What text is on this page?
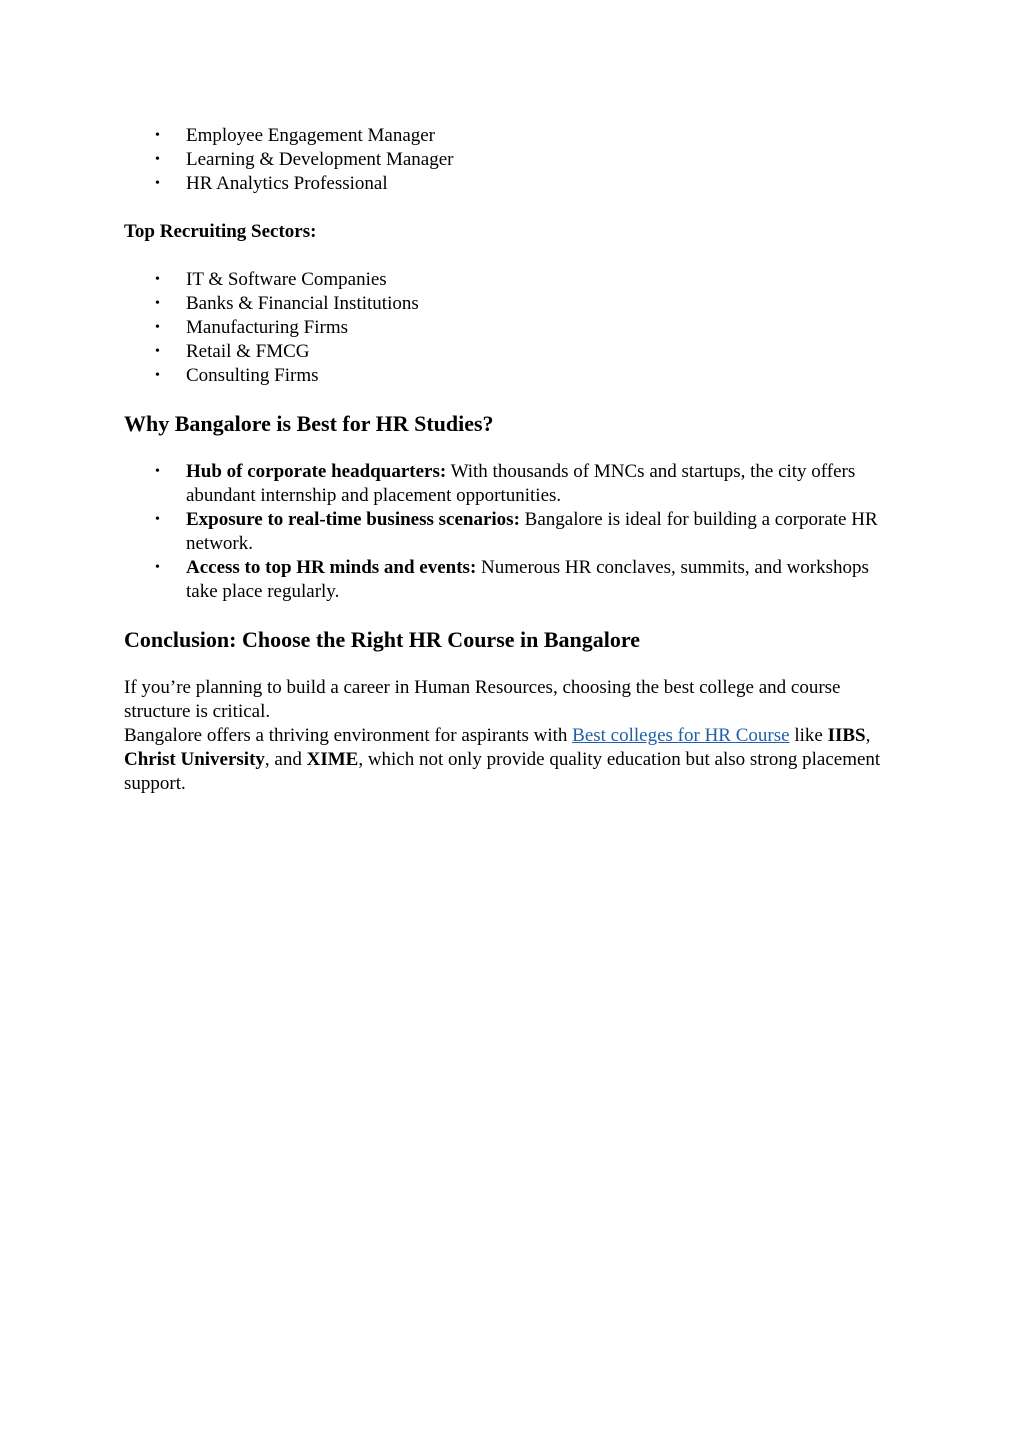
• Employee Engagement Manager
• Learning & Development Manager
• HR Analytics Professional

Top Recruiting Sectors:

• IT & Software Companies
• Banks & Financial Institutions
• Manufacturing Firms
• Retail & FMCG
• Consulting Firms

Why Bangalore is Best for HR Studies?

• Hub of corporate headquarters: With thousands of MNCs and startups, the city offers abundant internship and placement opportunities.
• Exposure to real-time business scenarios: Bangalore is ideal for building a corporate HR network.
• Access to top HR minds and events: Numerous HR conclaves, summits, and workshops take place regularly.

Conclusion: Choose the Right HR Course in Bangalore

If you’re planning to build a career in Human Resources, choosing the best college and course structure is critical.

Bangalore offers a thriving environment for aspirants with Best colleges for HR Course like IIBS, Christ University, and XIME, which not only provide quality education but also strong placement support.
